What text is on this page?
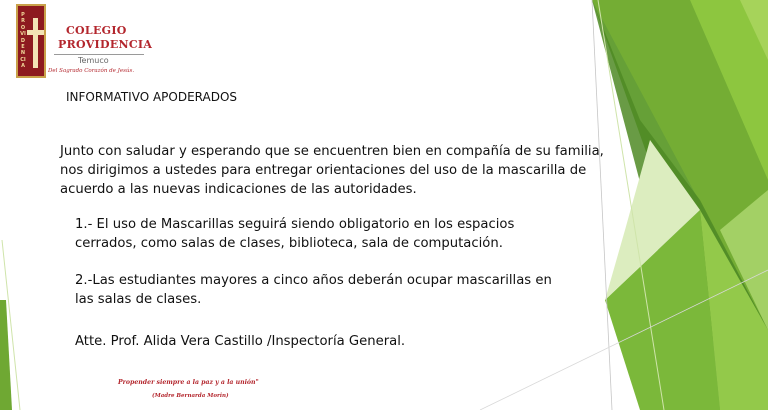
PROVIDENCIA
COLEGIO
PROVIDENCIA
Temuco
Del Sagrado Corazón de Jesús.
INFORMATIVO APODERADOS
Junto con saludar y esperando que se encuentren bien en compañía de su familia, nos dirigimos a ustedes para entregar orientaciones del uso de la mascarilla de acuerdo a las nuevas indicaciones de las autoridades.
1.- El uso de Mascarillas seguirá siendo obligatorio en los espacios cerrados, como salas de clases, biblioteca, sala de computación.
2.-Las estudiantes mayores a cinco años deberán ocupar mascarillas en las salas de clases.
Atte. Prof. Alida Vera Castillo /Inspectoría General.
Propender siempre a la paz y a la unión"
(Madre Bernarda Morin)
